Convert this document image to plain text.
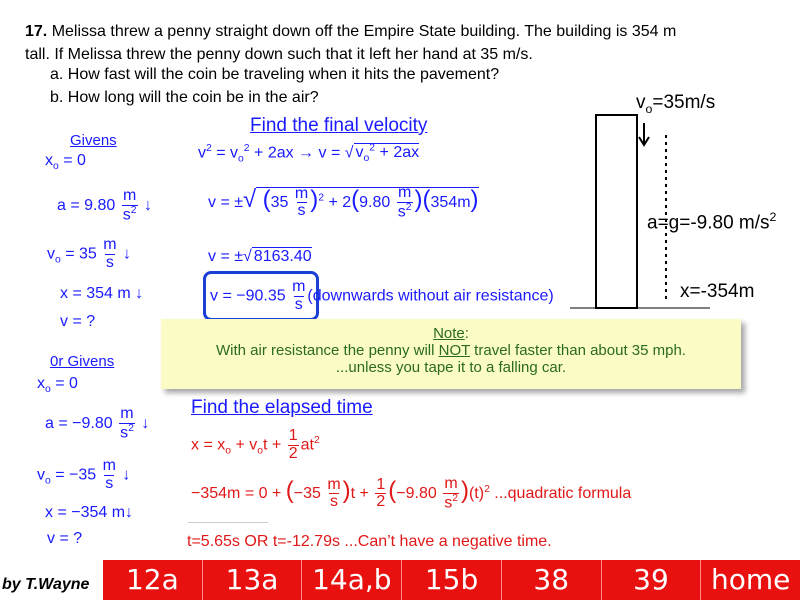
17. Melissa threw a penny straight down off the Empire State building. The building is 354 m
tall. If Melissa threw the penny down such that it left her hand at 35 m/s.
a. How fast will the coin be traveling when it hits the pavement?
b. How long will the coin be in the air?
Givens
$x_o = 0$
$a = 9.80 \frac{m}{s^2}$ ↓
$v_o = 35 \frac{m}{s}$ ↓
x = 354 m ↓
v = ?
0r Givens
$x_o = 0$
$a = -9.80 \frac{m}{s^2}$ ↓
$v_o = -35 \frac{m}{s}$ ↓
x = −354 m↓
v = ?
Find the final velocity
$v^2 = v_o^2 + 2ax \to v$ = √ $v_o^2 + 2ax$
v = ±√ $(35 \frac{m}{s} )^2 + 2(9.80 \frac{m}{s^2} )(354m)$
v = ±√ 8163.40
$v = -90.35 \frac{m}{s}$ (downwards without air resistance)
$v_o=35m/s$
a=g=-9.80 $m/s^2$
x=-354m
Note:
With air resistance the penny will NOT travel faster than about 35 mph.
...unless you tape it to a falling car.
Find the elapsed time
$x = x_o + v_ot + \frac{1}{2} at^2$
$-354m = 0 + (-35 \frac{m}{s} )t + \frac{1}{2} (-9.80 \frac{m}{s^2} )(t)^2$ ...quadratic formula
t=5.65s OR t=-12.79s ...Can’t have a negative time.
by T.Wayne	12a	13a	14a,b	15b	38	39	home
